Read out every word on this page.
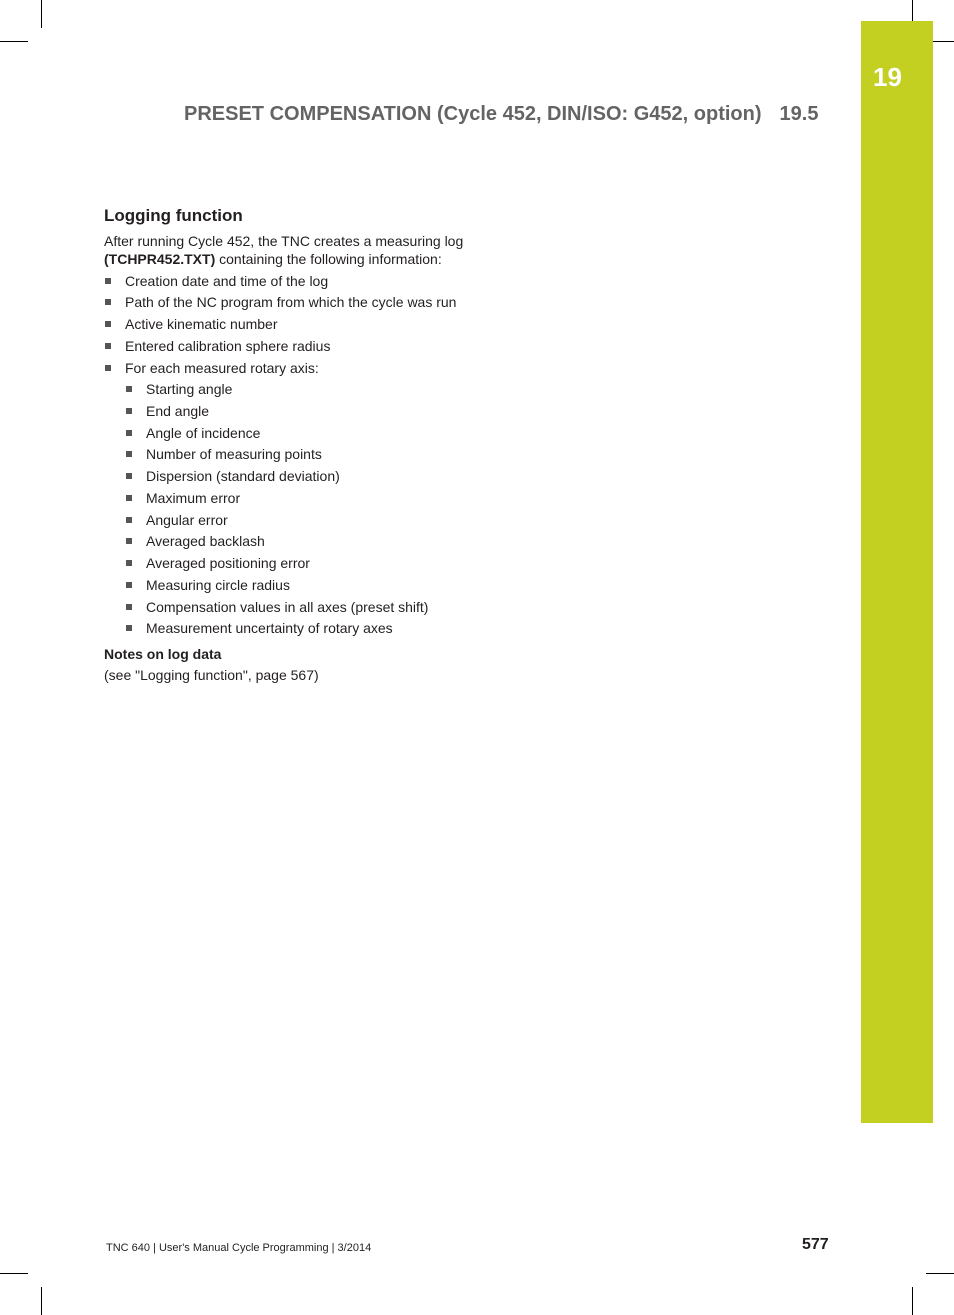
19
PRESET COMPENSATION (Cycle 452, DIN/ISO: G452, option) 19.5
Logging function
After running Cycle 452, the TNC creates a measuring log
(TCHPR452.TXT) containing the following information:
Creation date and time of the log
Path of the NC program from which the cycle was run
Active kinematic number
Entered calibration sphere radius
For each measured rotary axis:
Starting angle
End angle
Angle of incidence
Number of measuring points
Dispersion (standard deviation)
Maximum error
Angular error
Averaged backlash
Averaged positioning error
Measuring circle radius
Compensation values in all axes (preset shift)
Measurement uncertainty of rotary axes
Notes on log data
(see "Logging function", page 567)
TNC 640 | User's Manual Cycle Programming | 3/2014	577
